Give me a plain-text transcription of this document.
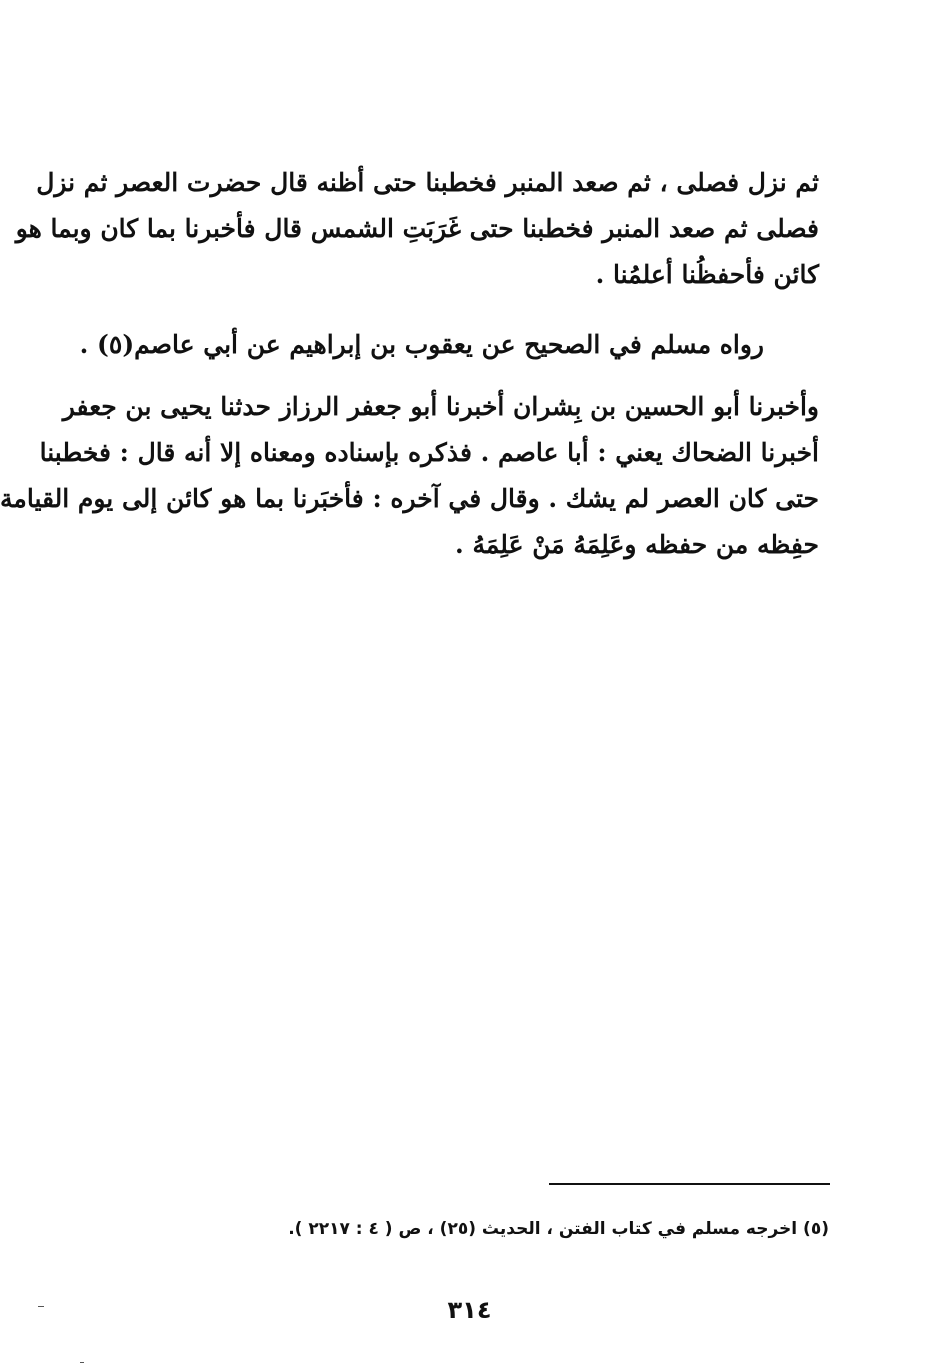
ثم نزل فصلى ، ثم صعد المنبر فخطبنا حتى أظنه قال حضرت العصر ثم نزل
فصلى ثم صعد المنبر فخطبنا حتى غَرَبَتِ الشمس قال فأخبرنا بما كان وبما هو
كائن فأحفظُنا أعلمُنا .
رواه مسلم في الصحيح عن يعقوب بن إبراهيم عن أبي عاصم(٥) .
وأخبرنا أبو الحسين بن بِشران أخبرنا أبو جعفر الرزاز حدثنا يحيى بن جعفر
أخبرنا الضحاك يعني : أبا عاصم . فذكره بإسناده ومعناه إلا أنه قال : فخطبنا
حتى كان العصر لم يشك . وقال في آخره : فأخبَرنا بما هو كائن إلى يوم القيامة
حفِظه من حفظه وعَلِمَهُ مَنْ عَلِمَهُ .
(٥) اخرجه مسلم في كتاب الفتن ، الحديث (٢٥) ، ص ( ٤ : ٢٢١٧ ).
٣١٤
